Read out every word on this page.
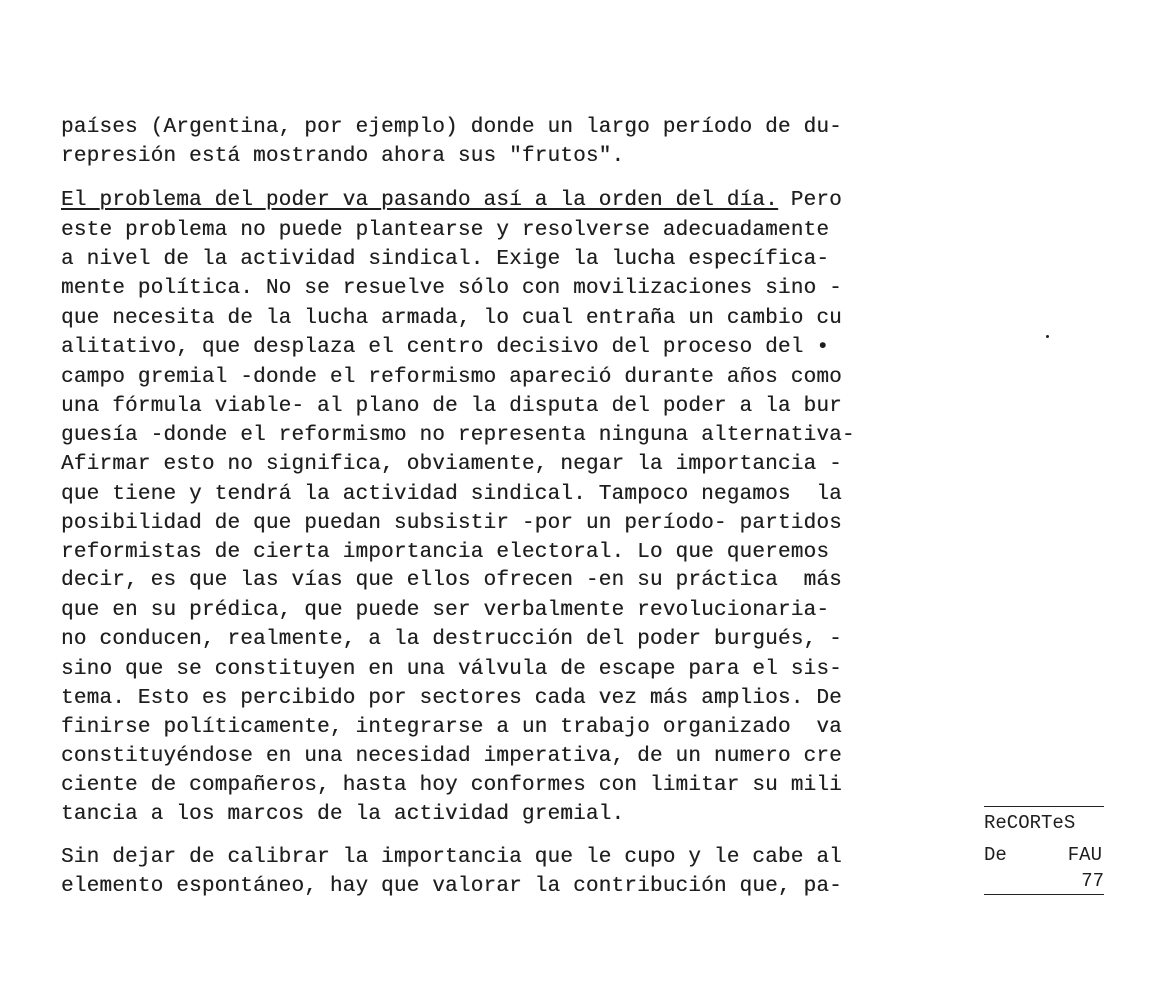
países (Argentina, por ejemplo) donde un largo período de du-
represión está mostrando ahora sus "frutos".
El problema del poder va pasando así a la orden del día. Pero
este problema no puede plantearse y resolverse adecuadamente
a nivel de la actividad sindical. Exige la lucha específica-
mente política. No se resuelve sólo con movilizaciones sino -
que necesita de la lucha armada, lo cual entraña un cambio cu
alitativo, que desplaza el centro decisivo del proceso del •
campo gremial -donde el reformismo apareció durante años como
una fórmula viable- al plano de la disputa del poder a la bur
guesía -donde el reformismo no representa ninguna alternativa-
Afirmar esto no significa, obviamente, negar la importancia -
que tiene y tendrá la actividad sindical. Tampoco negamos  la
posibilidad de que puedan subsistir -por un período- partidos
reformistas de cierta importancia electoral. Lo que queremos
decir, es que las vías que ellos ofrecen -en su práctica  más
que en su prédica, que puede ser verbalmente revolucionaria-
no conducen, realmente, a la destrucción del poder burgués, -
sino que se constituyen en una válvula de escape para el sis-
tema. Esto es percibido por sectores cada vez más amplios. De
finirse políticamente, integrarse a un trabajo organizado  va
constituyéndose en una necesidad imperativa, de un numero cre
ciente de compañeros, hasta hoy conformes con limitar su mili
tancia a los marcos de la actividad gremial.
Sin dejar de calibrar la importancia que le cupo y le cabe al
elemento espontáneo, hay que valorar la contribución que, pa-
ReCORTeS
De	FAU
77
